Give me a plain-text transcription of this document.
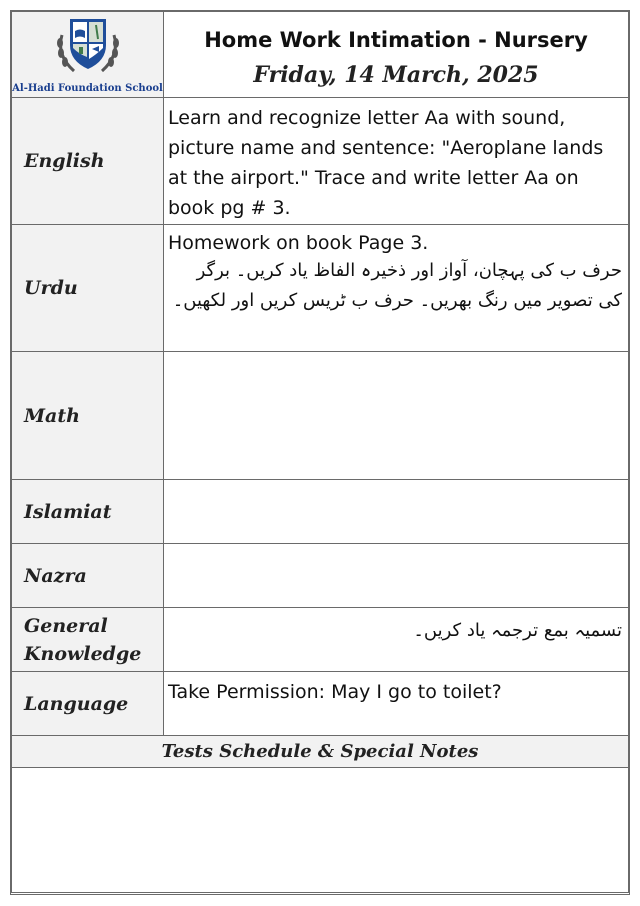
Al-Hadi Foundation School	Home Work Intimation - Nursery
Friday, 14 March, 2025

English	Learn and recognize letter Aa with sound, picture name and sentence: "Aeroplane lands at the airport." Trace and write letter Aa on book pg # 3.
Urdu	Homework on book Page 3.
حرف ب کی پہچان، آواز اور ذخیرہ الفاظ یاد کریں۔ برگر کی تصویر میں رنگ بھریں۔ حرف ب ٹریس کریں اور لکھیں۔

Math	
Islamiat	
Nazra	
General Knowledge	تسمیہ بمع ترجمہ یاد کریں۔
Language	Take Permission: May I go to toilet?
Tests Schedule & Special Notes	
